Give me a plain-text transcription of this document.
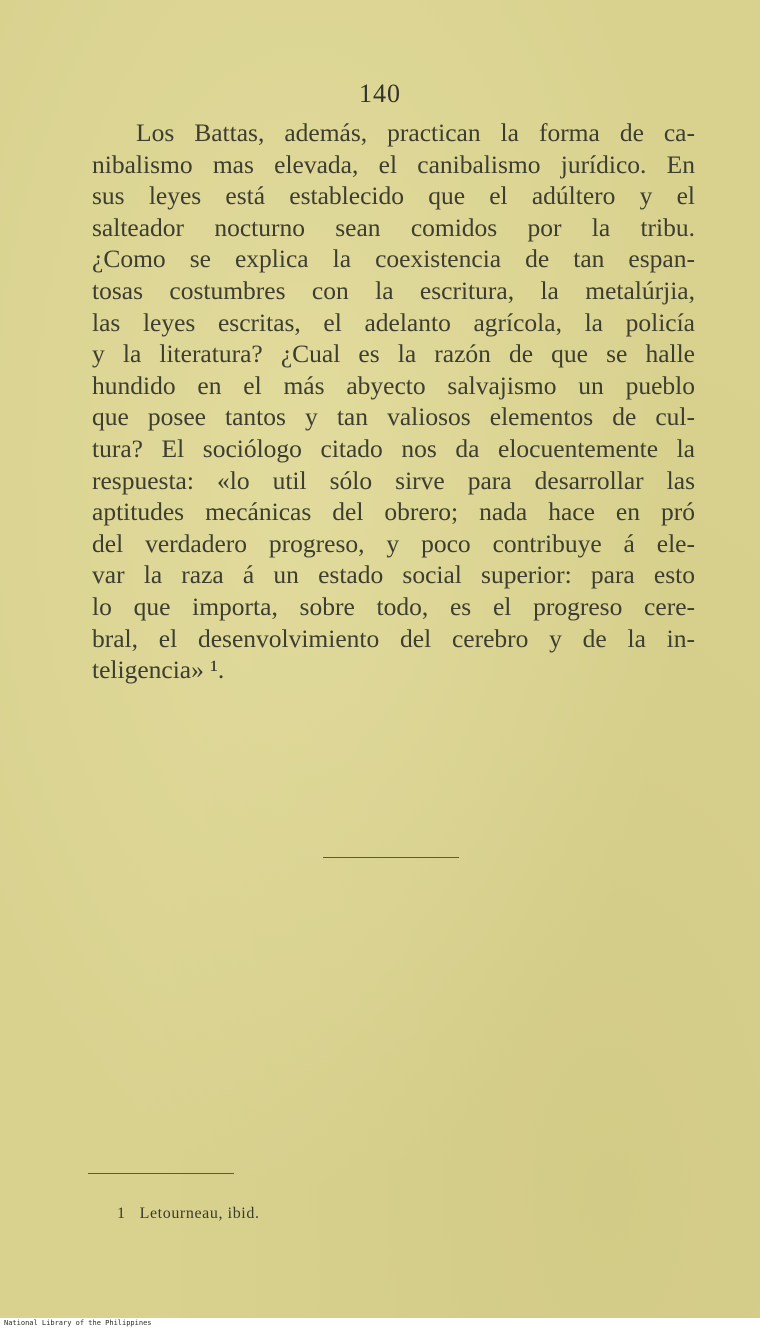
140
Los Battas, además, practican la forma de ca-
nibalismo mas elevada, el canibalismo jurídico. En
sus leyes está establecido que el adúltero y el
salteador nocturno sean comidos por la tribu.
¿Como se explica la coexistencia de tan espan-
tosas costumbres con la escritura, la metalúrjia,
las leyes escritas, el adelanto agrícola, la policía
y la literatura? ¿Cual es la razón de que se halle
hundido en el más abyecto salvajismo un pueblo
que posee tantos y tan valiosos elementos de cul-
tura? El sociólogo citado nos da elocuentemente la
respuesta: «lo util sólo sirve para desarrollar las
aptitudes mecánicas del obrero; nada hace en pró
del verdadero progreso, y poco contribuye á ele-
var la raza á un estado social superior: para esto
lo que importa, sobre todo, es el progreso cere-
bral, el desenvolvimiento del cerebro y de la in-
teligencia» ¹.
1 Letourneau, ibid.
National Library of the Philippines
